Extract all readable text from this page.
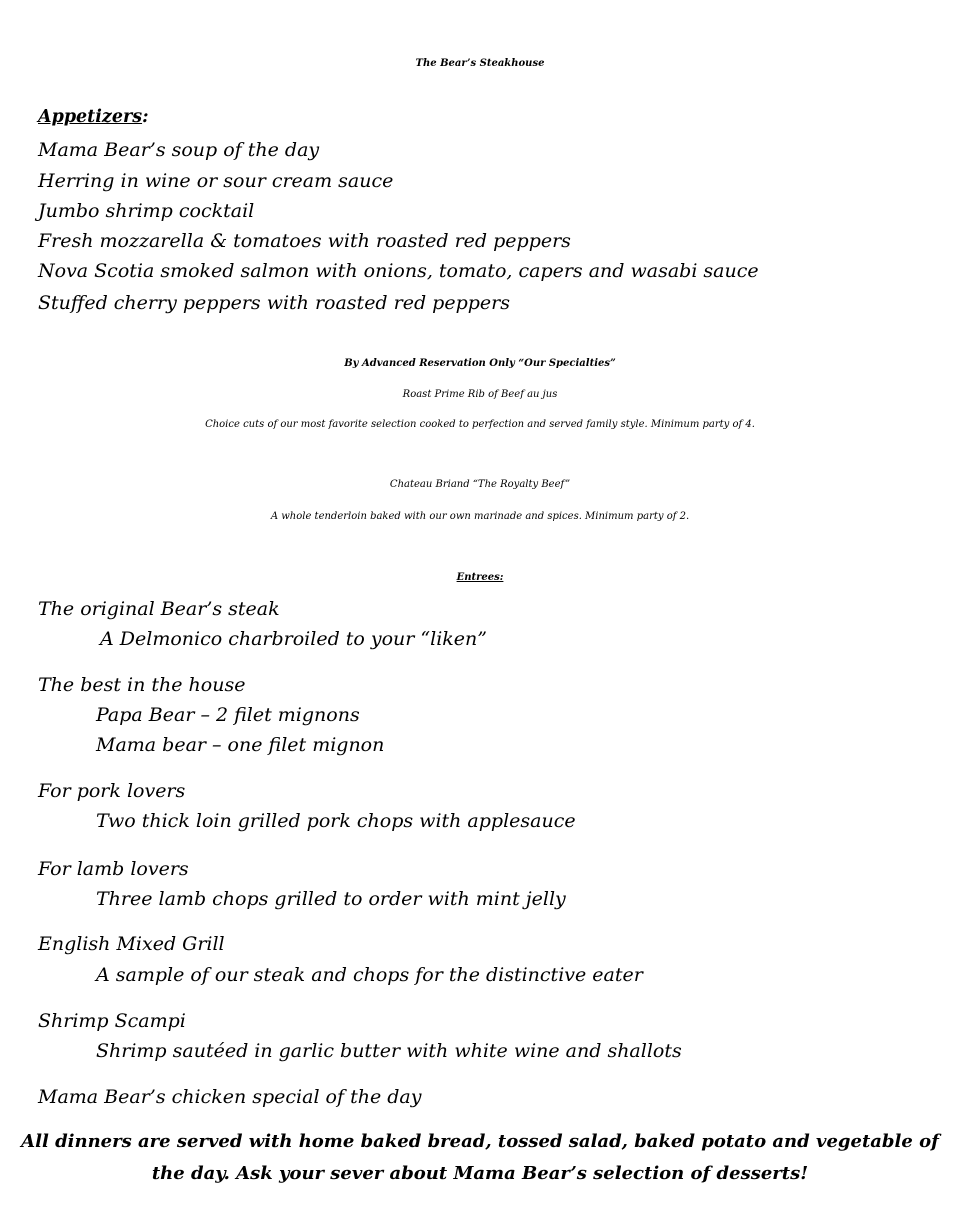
The Bear’s Steakhouse
Appetizers:
Mama Bear’s soup of the day
Herring in wine or sour cream sauce
Jumbo shrimp cocktail
Fresh mozzarella & tomatoes with roasted red peppers
Nova Scotia smoked salmon with onions, tomato, capers and wasabi sauce
Stuffed cherry peppers with roasted red peppers
By Advanced Reservation Only “Our Specialties”
Roast Prime Rib of Beef au jus
Choice cuts of our most favorite selection cooked to perfection and served family style. Minimum party of 4.
Chateau Briand “The Royalty Beef”
A whole tenderloin baked with our own marinade and spices. Minimum party of 2.
Entrees:
The original Bear’s steak
A Delmonico charbroiled to your “liken”
The best in the house
Papa Bear – 2 filet mignons
Mama bear – one filet mignon
For pork lovers
Two thick loin grilled pork chops with applesauce
For lamb lovers
Three lamb chops grilled to order with mint jelly
English Mixed Grill
A sample of our steak and chops for the distinctive eater
Shrimp Scampi
Shrimp sautéed in garlic butter with white wine and shallots
Mama Bear’s chicken special of the day
All dinners are served with home baked bread, tossed salad, baked potato and vegetable of the day. Ask your sever about Mama Bear’s selection of desserts!
